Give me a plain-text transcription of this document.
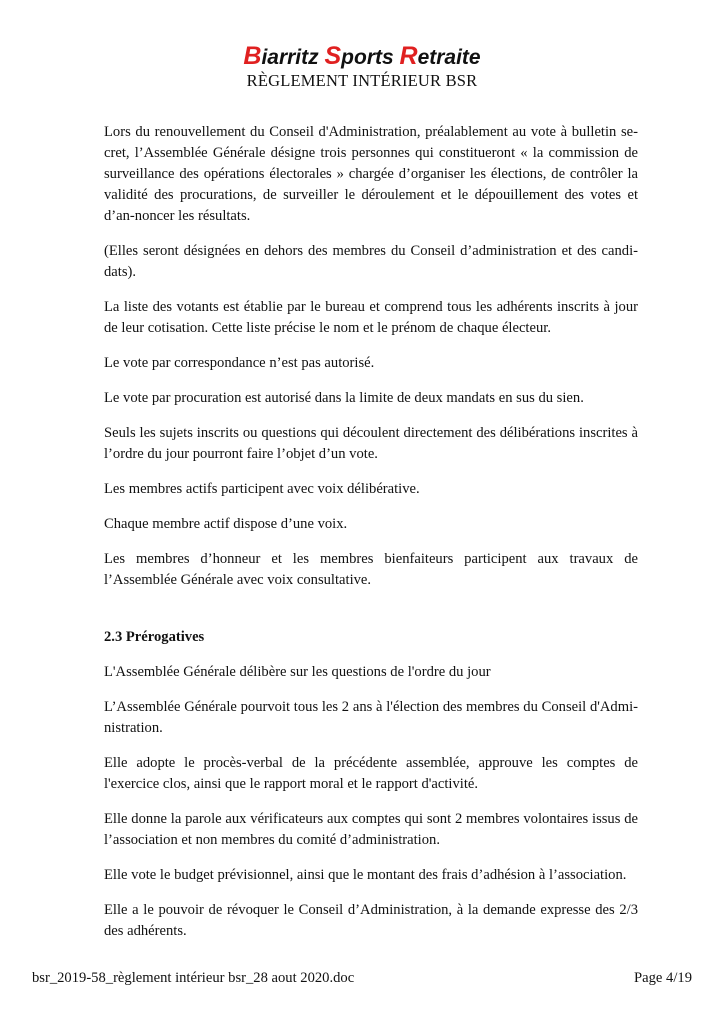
Biarritz Sports Retraite
RÈGLEMENT INTÉRIEUR BSR

Lors du renouvellement du Conseil d'Administration, préalablement au vote à bulletin se-cret, l’Assemblée Générale désigne trois personnes qui constitueront « la commission de surveillance des opérations électorales » chargée d’organiser les élections, de contrôler la validité des procurations, de surveiller le déroulement et le dépouillement des votes et d’an-noncer les résultats.

(Elles seront désignées en dehors des membres du Conseil d’administration et des candi-dats).

La liste des votants est établie par le bureau et comprend tous les adhérents inscrits à jour de leur cotisation. Cette liste précise le nom et le prénom de chaque électeur.

Le vote par correspondance n’est pas autorisé.

Le vote par procuration est autorisé dans la limite de deux mandats en sus du sien.

Seuls les sujets inscrits ou questions qui découlent directement des délibérations inscrites à l’ordre du jour pourront faire l’objet d’un vote.

Les membres actifs participent avec voix délibérative.

Chaque membre actif dispose d’une voix.

Les membres d’honneur et les membres bienfaiteurs participent aux travaux de l’Assemblée Générale avec voix consultative.

2.3 Prérogatives

L'Assemblée Générale délibère sur les questions de l'ordre du jour

L’Assemblée Générale pourvoit tous les 2 ans à l'élection des membres du Conseil d'Admi-nistration.

Elle adopte le procès-verbal de la précédente assemblée, approuve les comptes de l'exercice clos, ainsi que le rapport moral et le rapport d'activité.

Elle donne la parole aux vérificateurs aux comptes qui sont 2 membres volontaires issus de l’association et non membres du comité d’administration.

Elle vote le budget prévisionnel, ainsi que le montant des frais d’adhésion à l’association.

Elle a le pouvoir de révoquer le Conseil d’Administration, à la demande expresse des 2/3 des adhérents.

bsr_2019-58_règlement intérieur bsr_28 aout 2020.doc	Page 4/19
